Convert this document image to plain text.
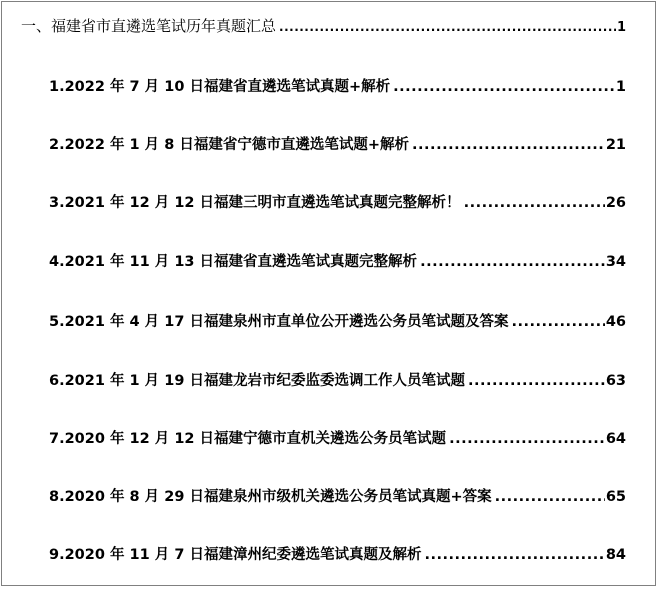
一、福建省市直遴选笔试历年真题汇总 .....	1
1.2022 年 7 月 10 日福建省直遴选笔试真题+解析 .....	1
2.2022 年 1 月 8 日福建省宁德市直遴选笔试题+解析 .....	21
3.2021 年 12 月 12 日福建三明市直遴选笔试真题完整解析！ .....	26
4.2021 年 11 月 13 日福建省直遴选笔试真题完整解析 .....	34
5.2021 年 4 月 17 日福建泉州市直单位公开遴选公务员笔试题及答案 .....	46
6.2021 年 1 月 19 日福建龙岩市纪委监委选调工作人员笔试题 .....	63
7.2020 年 12 月 12 日福建宁德市直机关遴选公务员笔试题 .....	64
8.2020 年 8 月 29 日福建泉州市级机关遴选公务员笔试真题+答案 .....	65
9.2020 年 11 月 7 日福建漳州纪委遴选笔试真题及解析 .....	84
